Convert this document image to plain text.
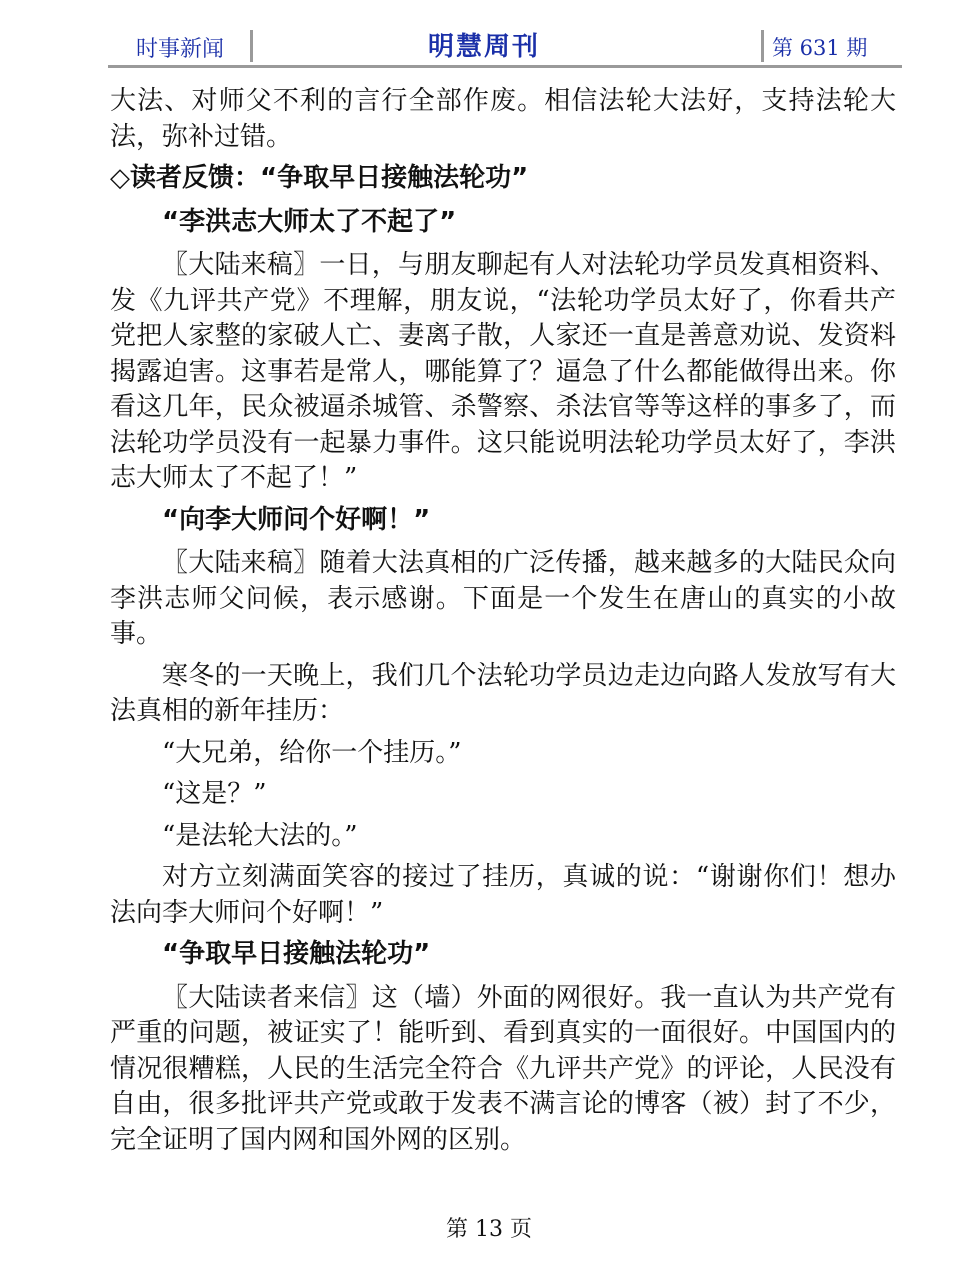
时事新闻	明慧周刊	第 631 期

大法、对师父不利的言行全部作废。相信法轮大法好，支持法轮大法，弥补过错。

◇读者反馈：“争取早日接触法轮功”
“李洪志大师太了不起了”

〖大陆来稿〗一日，与朋友聊起有人对法轮功学员发真相资料、发《九评共产党》不理解，朋友说，“法轮功学员太好了，你看共产党把人家整的家破人亡、妻离子散，人家还一直是善意劝说、发资料揭露迫害。这事若是常人，哪能算了？逼急了什么都能做得出来。你看这几年，民众被逼杀城管、杀警察、杀法官等等这样的事多了，而法轮功学员没有一起暴力事件。这只能说明法轮功学员太好了，李洪志大师太了不起了！”

“向李大师问个好啊！”

〖大陆来稿〗随着大法真相的广泛传播，越来越多的大陆民众向李洪志师父问候，表示感谢。下面是一个发生在唐山的真实的小故事。

寒冬的一天晚上，我们几个法轮功学员边走边向路人发放写有大法真相的新年挂历：

“大兄弟，给你一个挂历。”
“这是？”
“是法轮大法的。”

对方立刻满面笑容的接过了挂历，真诚的说：“谢谢你们！想办法向李大师问个好啊！”

“争取早日接触法轮功”

〖大陆读者来信〗这（墙）外面的网很好。我一直认为共产党有严重的问题，被证实了！能听到、看到真实的一面很好。中国国内的情况很糟糕，人民的生活完全符合《九评共产党》的评论，人民没有自由，很多批评共产党或敢于发表不满言论的博客（被）封了不少，完全证明了国内网和国外网的区别。

第 13 页
